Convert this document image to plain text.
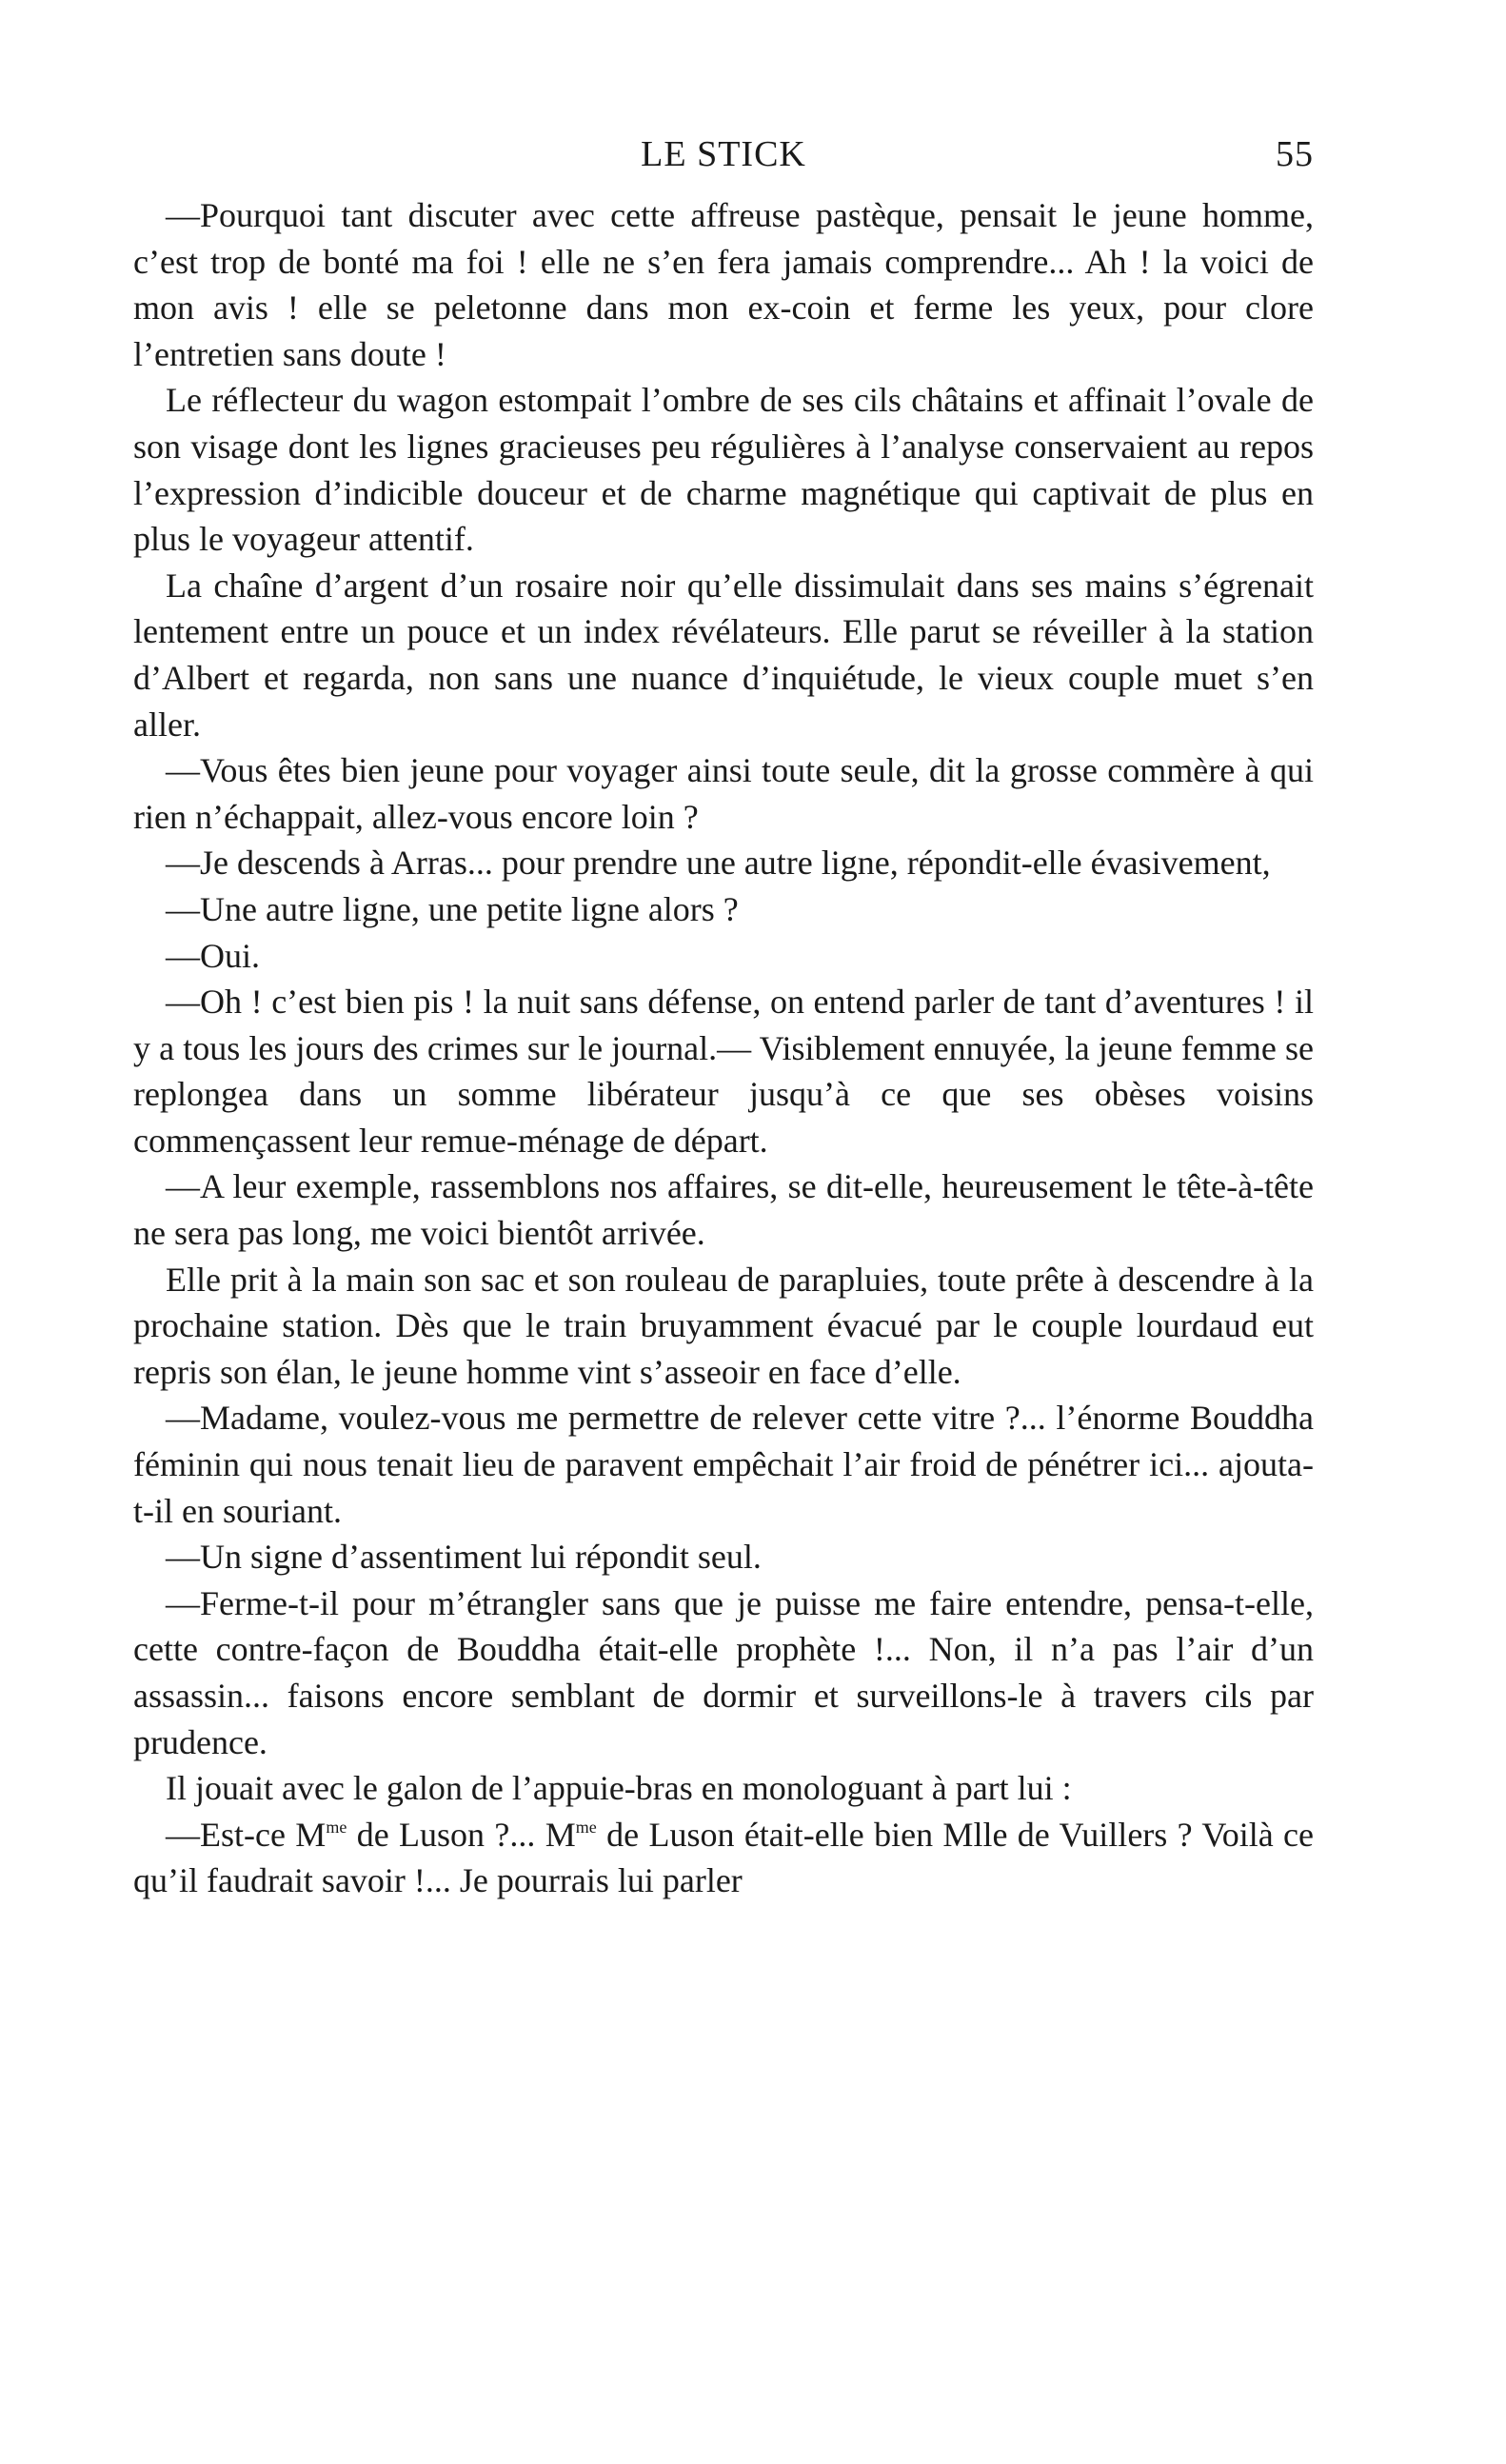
LE STICK	55

—Pourquoi tant discuter avec cette affreuse pastèque, pensait le jeune homme, c’est trop de bonté ma foi ! elle ne s’en fera jamais comprendre... Ah ! la voici de mon avis ! elle se peletonne dans mon ex-coin et ferme les yeux, pour clore l’entretien sans doute !

Le réflecteur du wagon estompait l’ombre de ses cils châtains et affinait l’ovale de son visage dont les lignes gracieuses peu régulières à l’analyse conservaient au repos l’expression d’indicible douceur et de charme magnétique qui captivait de plus en plus le voyageur attentif.

La chaîne d’argent d’un rosaire noir qu’elle dissimulait dans ses mains s’égrenait lentement entre un pouce et un index révélateurs. Elle parut se réveiller à la station d’Albert et regarda, non sans une nuance d’inquiétude, le vieux couple muet s’en aller.

—Vous êtes bien jeune pour voyager ainsi toute seule, dit la grosse commère à qui rien n’échappait, allez-vous encore loin ?

—Je descends à Arras... pour prendre une autre ligne, répondit-elle évasivement,

—Une autre ligne, une petite ligne alors ?

—Oui.

—Oh ! c’est bien pis ! la nuit sans défense, on entend parler de tant d’aventures ! il y a tous les jours des crimes sur le journal.— Visiblement ennuyée, la jeune femme se replongea dans un somme libérateur jusqu’à ce que ses obèses voisins commençassent leur remue-ménage de départ.

—A leur exemple, rassemblons nos affaires, se dit-elle, heureusement le tête-à-tête ne sera pas long, me voici bientôt arrivée.

Elle prit à la main son sac et son rouleau de parapluies, toute prête à descendre à la prochaine station. Dès que le train bruyamment évacué par le couple lourdaud eut repris son élan, le jeune homme vint s’asseoir en face d’elle.

—Madame, voulez-vous me permettre de relever cette vitre ?... l’énorme Bouddha féminin qui nous tenait lieu de paravent empêchait l’air froid de pénétrer ici... ajouta-t-il en souriant.

—Un signe d’assentiment lui répondit seul.

—Ferme-t-il pour m’étrangler sans que je puisse me faire entendre, pensa-t-elle, cette contre-façon de Bouddha était-elle prophète !... Non, il n’a pas l’air d’un assassin... faisons encore semblant de dormir et surveillons-le à travers cils par prudence.

Il jouait avec le galon de l’appuie-bras en monologuant à part lui :

—Est-ce $M^{me}$ de Luson ?... $M^{me}$ de Luson était-elle bien Mlle de Vuillers ? Voilà ce qu’il faudrait savoir !... Je pourrais lui parler
